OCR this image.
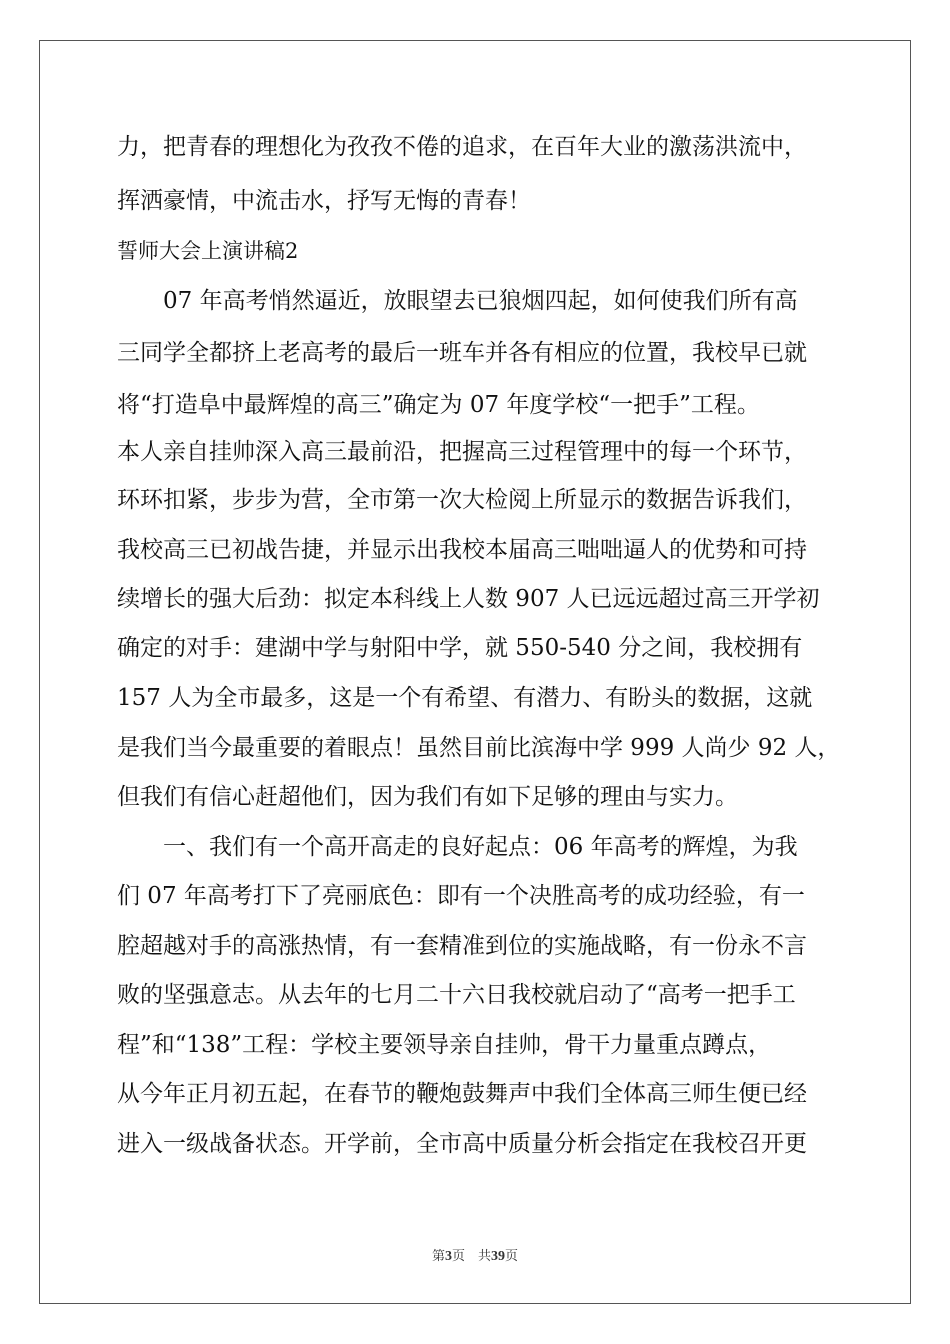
力，把青春的理想化为孜孜不倦的追求，在百年大业的激荡洪流中，
挥洒豪情，中流击水，抒写无悔的青春！
誓师大会上演讲稿2
　　07 年高考悄然逼近，放眼望去已狼烟四起，如何使我们所有高
三同学全都挤上老高考的最后一班车并各有相应的位置，我校早已就
将“打造阜中最辉煌的高三”确定为 07 年度学校“一把手”工程。
本人亲自挂帅深入高三最前沿，把握高三过程管理中的每一个环节，
环环扣紧，步步为营，全市第一次大检阅上所显示的数据告诉我们，
我校高三已初战告捷，并显示出我校本届高三咄咄逼人的优势和可持
续增长的强大后劲：拟定本科线上人数 907 人已远远超过高三开学初
确定的对手：建湖中学与射阳中学，就 550-540 分之间，我校拥有
157 人为全市最多，这是一个有希望、有潜力、有盼头的数据，这就
是我们当今最重要的着眼点！虽然目前比滨海中学 999 人尚少 92 人，
但我们有信心赶超他们，因为我们有如下足够的理由与实力。
　　一、我们有一个高开高走的良好起点：06 年高考的辉煌，为我
们 07 年高考打下了亮丽底色：即有一个决胜高考的成功经验，有一
腔超越对手的高涨热情，有一套精准到位的实施战略，有一份永不言
败的坚强意志。从去年的七月二十六日我校就启动了“高考一把手工
程”和“138”工程：学校主要领导亲自挂帅，骨干力量重点蹲点，
从今年正月初五起，在春节的鞭炮鼓舞声中我们全体高三师生便已经
进入一级战备状态。开学前，全市高中质量分析会指定在我校召开更
第3页　共39页
